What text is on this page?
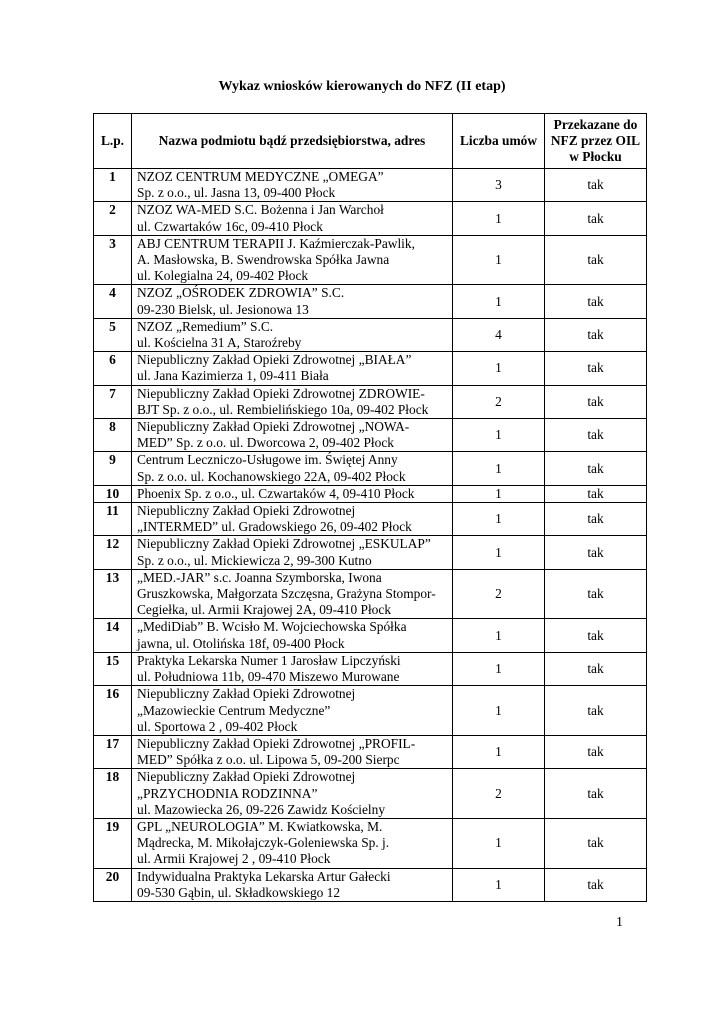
Wykaz wniosków kierowanych do NFZ (II etap)
L.p.	Nazwa podmiotu bądź przedsiębiorstwa, adres	Liczba umów	Przekazane do NFZ przez OIL w Płocku
1	NZOZ CENTRUM MEDYCZNE „OMEGA”
Sp. z o.o., ul. Jasna 13, 09-400 Płock	3	tak
2	NZOZ WA-MED S.C. Bożenna i Jan Warchoł
ul. Czwartaków 16c, 09-410 Płock	1	tak
3	ABJ CENTRUM TERAPII J. Kaźmierczak-Pawlik,
A. Masłowska, B. Swendrowska Spółka Jawna
ul. Kolegialna 24, 09-402 Płock	1	tak
4	NZOZ „OŚRODEK ZDROWIA” S.C.
09-230 Bielsk, ul. Jesionowa 13	1	tak
5	NZOZ „Remedium” S.C.
ul. Kościelna 31 A, Staroźreby	4	tak
6	Niepubliczny Zakład Opieki Zdrowotnej „BIAŁA”
ul. Jana Kazimierza 1, 09-411 Biała	1	tak
7	Niepubliczny Zakład Opieki Zdrowotnej ZDROWIE-
BJT Sp. z o.o., ul. Rembielińskiego 10a, 09-402 Płock	2	tak
8	Niepubliczny Zakład Opieki Zdrowotnej „NOWA-
MED” Sp. z o.o. ul. Dworcowa 2, 09-402 Płock	1	tak
9	Centrum Leczniczo-Usługowe im. Świętej Anny
Sp. z o.o. ul. Kochanowskiego 22A, 09-402 Płock	1	tak
10	Phoenix Sp. z o.o., ul. Czwartaków 4, 09-410 Płock	1	tak
11	Niepubliczny Zakład Opieki Zdrowotnej
„INTERMED” ul. Gradowskiego 26, 09-402 Płock	1	tak
12	Niepubliczny Zakład Opieki Zdrowotnej „ESKULAP”
Sp. z o.o., ul. Mickiewicza 2, 99-300 Kutno	1	tak
13	„MED.-JAR” s.c. Joanna Szymborska, Iwona
Gruszkowska, Małgorzata Szczęsna, Grażyna Stompor-
Cegiełka, ul. Armii Krajowej 2A, 09-410 Płock	2	tak
14	„MediDiab” B. Wcisło M. Wojciechowska Spółka
jawna, ul. Otolińska 18f, 09-400 Płock	1	tak
15	Praktyka Lekarska Numer 1 Jarosław Lipczyński
ul. Południowa 11b, 09-470 Miszewo Murowane	1	tak
16	Niepubliczny Zakład Opieki Zdrowotnej
„Mazowieckie Centrum Medyczne”
ul. Sportowa 2 , 09-402 Płock	1	tak
17	Niepubliczny Zakład Opieki Zdrowotnej „PROFIL-
MED” Spółka z o.o. ul. Lipowa 5, 09-200 Sierpc	1	tak
18	Niepubliczny Zakład Opieki Zdrowotnej
„PRZYCHODNIA RODZINNA”
ul. Mazowiecka 26, 09-226 Zawidz Kościelny	2	tak
19	GPL „NEUROLOGIA” M. Kwiatkowska, M.
Mądrecka, M. Mikołajczyk-Goleniewska Sp. j.
ul. Armii Krajowej 2 , 09-410 Płock	1	tak
20	Indywidualna Praktyka Lekarska Artur Gałecki
09-530 Gąbin, ul. Składkowskiego 12	1	tak
1
